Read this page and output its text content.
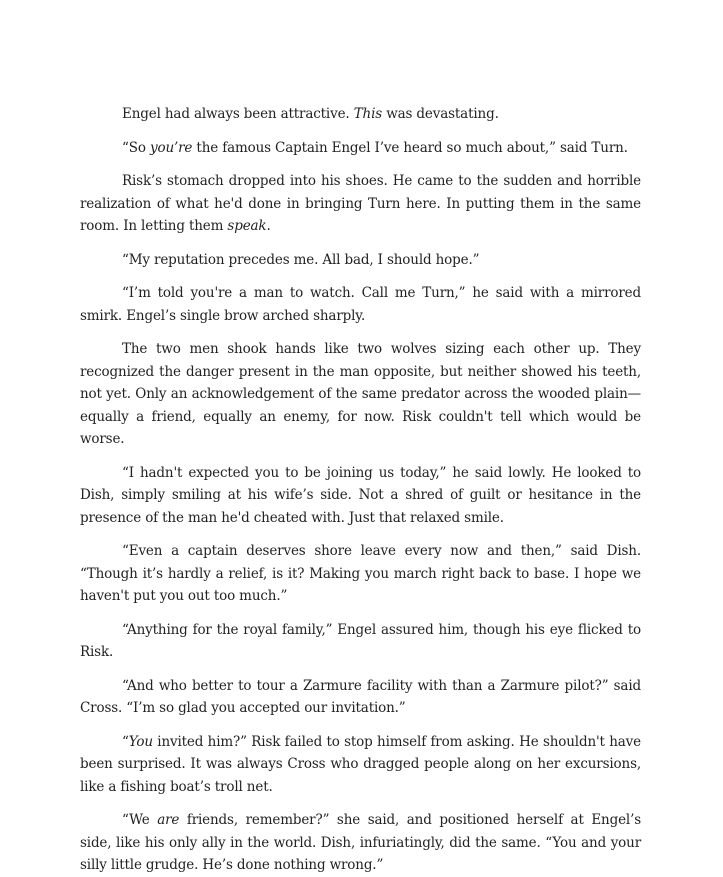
Engel had always been attractive. This was devastating.

“So you’re the famous Captain Engel I’ve heard so much about,” said Turn.

Risk’s stomach dropped into his shoes. He came to the sudden and horrible realization of what he'd done in bringing Turn here. In putting them in the same room. In letting them speak.

“My reputation precedes me. All bad, I should hope.”

“I’m told you're a man to watch. Call me Turn,” he said with a mirrored smirk. Engel’s single brow arched sharply.

The two men shook hands like two wolves sizing each other up. They recognized the danger present in the man opposite, but neither showed his teeth, not yet. Only an acknowledgement of the same predator across the wooded plain—equally a friend, equally an enemy, for now. Risk couldn't tell which would be worse.

“I hadn't expected you to be joining us today,” he said lowly. He looked to Dish, simply smiling at his wife’s side. Not a shred of guilt or hesitance in the presence of the man he'd cheated with. Just that relaxed smile.

“Even a captain deserves shore leave every now and then,” said Dish. “Though it’s hardly a relief, is it? Making you march right back to base. I hope we haven't put you out too much.”

“Anything for the royal family,” Engel assured him, though his eye flicked to Risk.

“And who better to tour a Zarmure facility with than a Zarmure pilot?” said Cross. “I’m so glad you accepted our invitation.”

“You invited him?” Risk failed to stop himself from asking. He shouldn't have been surprised. It was always Cross who dragged people along on her excursions, like a fishing boat’s troll net.

“We are friends, remember?” she said, and positioned herself at Engel’s side, like his only ally in the world. Dish, infuriatingly, did the same. “You and your silly little grudge. He’s done nothing wrong.”
